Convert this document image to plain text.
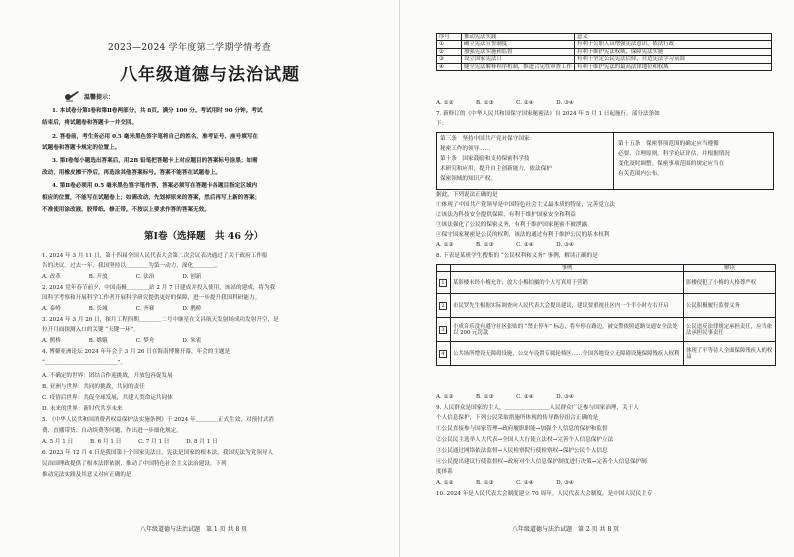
2023—2024 学年度第二学期学情考查
八年级道德与法治试题
温馨提示：
1. 本试卷分第Ⅰ卷和第Ⅱ卷两部分，共 8页。满分 100 分。考试用时 90 分钟。考试
结束后，将试题卷和答题卡一并交回。
2. 答卷前，考生务必用 0.5 毫米黑色签字笔将自己的姓名、准考证号、座号填写在
试题卷和答题卡规定的位置上。
3. 第Ⅰ卷每小题选出答案后，用2B 铅笔把答题卡上对应题目的答案标号涂黑；如需
改动，用橡皮擦干净后，再选涂其他答案标号。答案不能答在试题卷上。
4. 第Ⅱ卷必须用 0.5 毫米黑色签字笔作答，答案必须写在答题卡各题目指定区域内
相应的位置，不能写在试题卷上；如需改动，先划掉原来的答案，然后再写上新的答案；
不准使用涂改液、胶带纸、修正带。不按以上要求作答的答案无效。
第Ⅰ卷（选择题　共 46 分）
1. 2024 年 3 月 11 日，第十四届全国人民代表大会第二次会议表决通过了关于政府工作报
告的决议。过去一年，我国坚持以＿＿＿＿为第一动力，深化＿＿＿＿。
A. 改革　　　　　B. 开放　　　　　C. 法治　　　　　D. 创新
2. 2024 党年春节前夕，中国南极＿＿＿＿站 2 月 7 日建成并投入使用，该站的建成，将为我
国科学考察和开展科学工作者开展科学研究提供更好的保障，进一步提升我国科研能力。
A. 泰岭　　　　　B. 长城　　　　　C. 齐赛　　　　　D. 鹊桥
3. 2024 年 3 月 20 日，探月工程四期＿＿＿＿二号中继星在文昌航天发射场成功发射升空，是
拉开月面探测入口的关键 “天键一环”。
A. 鹊桥　　　　　B. 嫦娥　　　　　C. 梦舟　　　　　D. 朱雀
4. 博鳌亚洲论坛 2024 年年会于 3 月 26 日在海南博鳌开幕，年会的主题是
“＿＿＿＿＿＿＿＿＿＿＿＿＿”。
A. 不确定的世界：团结合作迎挑战，开放包容促发展
B. 亚洲与世界：共同的挑战，共同的责任
C. 疫情后世界：共促全球发展，共建人类命运共同体
D. 未来的世界：新时代共享未来
5. 《中华人民共和国消费者权益保护法实施条例》于 2024 年＿＿＿＿正式生效，对预付式消
费、直播带货、自动续费等问题，作出进一步细化规定。
A. 5 月 1 日　　　B. 6 月 1 日　　　C. 7 月 1 日　　　D. 8 月 1 日
6. 2023 年 12 月 4 日是我国第十个国家宪法日。宪法是国家的根本法，我国宪法为党领导人
民治国理政提供了根本法律依据，推动了中国特色社会主义法治建设。下列
推动宪法实践及其意义对应正确的是
八年级道德与法治试题　第 1 页 共 8 页
序号	推动宪法实践	意义
①	确立宪法宣誓制度	有利于公职人员增强宪法意识，依法行政
②	加强宪法实施和监督	有利于维护宪法权威，保障宪法实施
③	设立国家宪法日	有利于坚定公民宪法信仰，营造宪法学习氛围
④	健全宪法解释程序机制，推进合宪性审查工作	有利于维护宪法的最高法律地位和权威
A. ①②　　　　B. ①③　　　　C. ②④　　　　D. ③④
7. 新修订的《中华人民共和国保守国家秘密法》自 2024 年 5 月 1 日起施行。部分法条如
下：
第三条　坚持中国共产党对保守国家
秘密工作的领导……
第十条　国家鼓励和支持保密科学技
术研究和应用，提升自主创新能力，依法保护
保密领域的知识产权。
第十五条　保密事项范围的确定应当遵循
必要、合理原则，科学论证评估，并根据情况
变化及时调整。保密事项范围的规定应当在
有关范围内公布。
据此，下列说法正确的是
①体现了中国共产党领导是中国特色社会主义最本质的特征，完善党立法
②该法为科技安全提供保障，有利于维护国家安全和利益
③该法强化了公民的保密义务，有利于维护国家秘密不被泄露
④保守国家秘密是公民的权利，该法的通过有利于维护公民的基本权利
A. ①②　　　　B. ①③　　　　C. ②④　　　　D. ③④
8. 下表是某班学生搜集的 “公民权利和义务” 事例，解读正确的是
	事例	解读
1	某影楼未经小梅允许，放大小梅拍摄的个人写真用于营销	影楼侵犯了小梅的人格尊严权
2	市民罗先生根据实际调查向人民代表大会提出建议，建议要重视社区内一个半小时左右开启	公民积极履行监督义务
3	小成音乐没有遵守社区张贴的 “禁止停车” 标志，将车停在路边，被交警依照道路交通安全法处以 200 元罚款	公民违反法律规定承担责任，应当依法承担民事责任
4	公共场所增设无障碍设施，公交车设置专属轮椅区……全国各地设立无障碍设施保障残疾人权利	体现了平等待人全面保障残疾人的权益
A. ①②　　　　B. ①③　　　　C. ②④　　　　D. ③④
9. 人民群众是国家的主人，＿＿＿＿＿＿＿＿人民群众广泛参与国家治理，关于人
个人信息保护，下列公民采取措施所体现的传导路径组合正确的是
①公民直接参与国家管理→政府履职职能→加强个人信息的保护和监督
②公民民主选举人大代表→全国人大行使立法权→完善个人信息保护立法
③公民通过网络依法监督→人民检察院行使检察权→保护公民个人信息
④公民提出建议行使监督权→政府对个人信息保护制度进行决策→完善个人信息保护制
度体系
A. ①②　　　　B. ①③　　　　C. ②④　　　　D. ③④
10. 2024 年是人民代表大会制度建立 70 周年。人民代表大会制度，是中国人民民主专
八年级道德与法治试题　第 2 页 共 8 页
